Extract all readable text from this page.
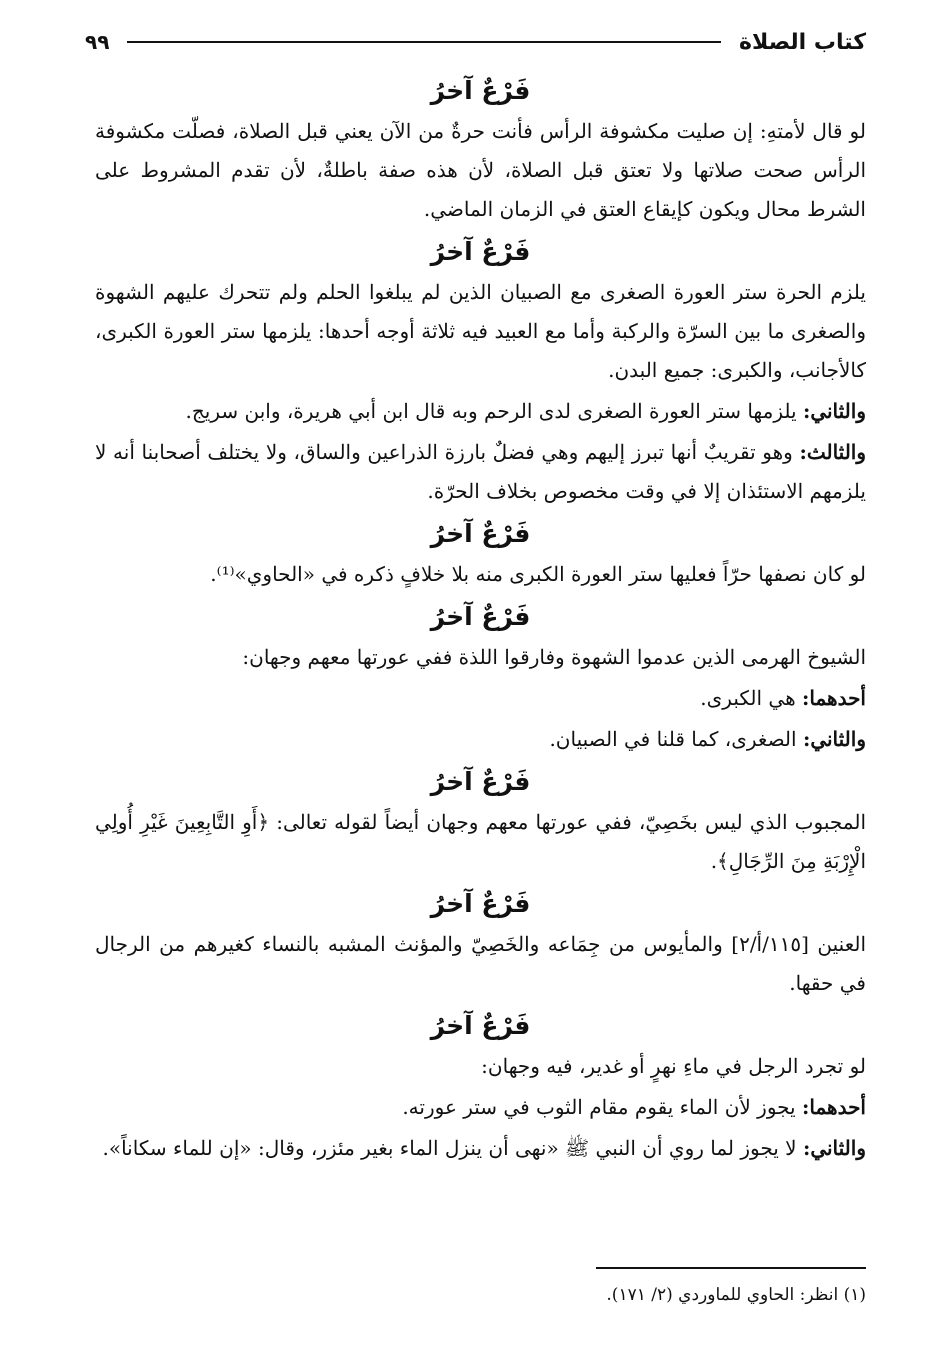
كتاب الصلاة
٩٩
فَرْعٌ آخرُ

لو قال لأمتهِ: إن صليت مكشوفة الرأس فأنت حرةٌ من الآن يعني قبل الصلاة، فصلّت مكشوفة الرأس صحت صلاتها ولا تعتق قبل الصلاة، لأن هذه صفة باطلةٌ، لأن تقدم المشروط على الشرط محال ويكون كإيقاع العتق في الزمان الماضي.

فَرْعٌ آخرُ

يلزم الحرة ستر العورة الصغرى مع الصبيان الذين لم يبلغوا الحلم ولم تتحرك عليهم الشهوة والصغرى ما بين السرّة والركبة وأما مع العبيد فيه ثلاثة أوجه أحدها: يلزمها ستر العورة الكبرى، كالأجانب، والكبرى: جميع البدن.

والثاني: يلزمها ستر العورة الصغرى لدى الرحم وبه قال ابن أبي هريرة، وابن سريج.

والثالث: وهو تقريبٌ أنها تبرز إليهم وهي فضلٌ بارزة الذراعين والساق، ولا يختلف أصحابنا أنه لا يلزمهم الاستئذان إلا في وقت مخصوص بخلاف الحرّة.

فَرْعٌ آخرُ

لو كان نصفها حرّاً فعليها ستر العورة الكبرى منه بلا خلافٍ ذكره في «الحاوي»⁽¹⁾.

فَرْعٌ آخرُ

الشيوخ الهرمى الذين عدموا الشهوة وفارقوا اللذة ففي عورتها معهم وجهان:

أحدهما: هي الكبرى.

والثاني: الصغرى، كما قلنا في الصبيان.

فَرْعٌ آخرُ

المجبوب الذي ليس بخَصِيّ، ففي عورتها معهم وجهان أيضاً لقوله تعالى: ﴿أَوِ التَّابِعِينَ غَيْرِ أُولِي الْإِرْبَةِ مِنَ الرِّجَالِ﴾.

فَرْعٌ آخرُ

العنين [١١٥/أ/٢] والمأيوس من جِمَاعه والخَصِيّ والمؤنث المشبه بالنساء كغيرهم من الرجال في حقها.

فَرْعٌ آخرُ

لو تجرد الرجل في ماءِ نهرٍ أو غدير، فيه وجهان:

أحدهما: يجوز لأن الماء يقوم مقام الثوب في ستر عورته.

والثاني: لا يجوز لما روي أن النبي ﷺ «نهى أن ينزل الماء بغير مئزر، وقال: «إن للماء سكاناً».

(١) انظر: الحاوي للماوردي (٢/ ١٧١).
